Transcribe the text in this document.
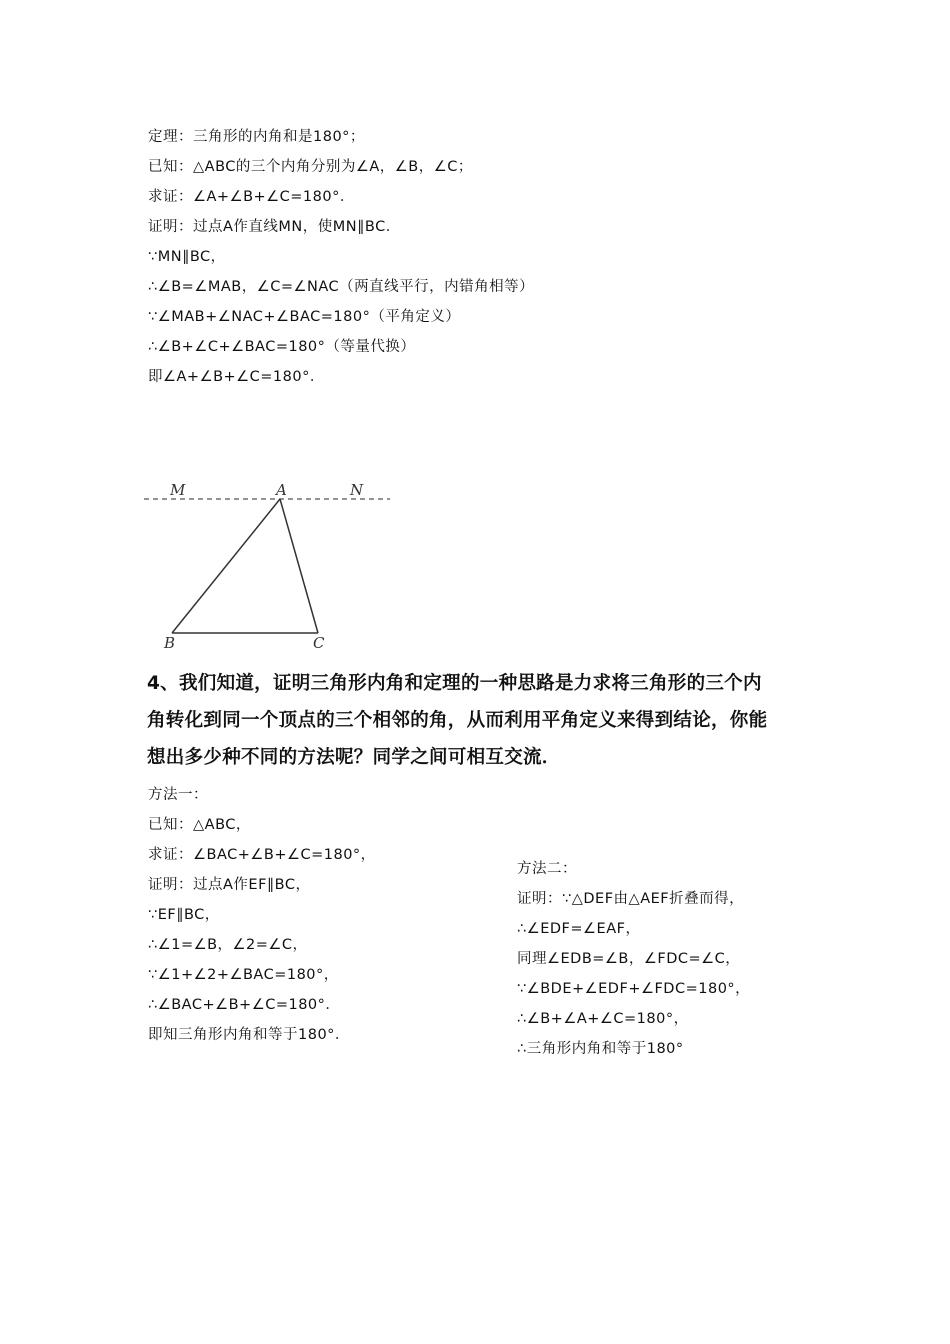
定理：三角形的内角和是180°；
已知：△ABC的三个内角分别为∠A，∠B，∠C；
求证：∠A+∠B+∠C=180°．
证明：过点A作直线MN，使MN∥BC．
∵MN∥BC，
∴∠B=∠MAB，∠C=∠NAC（两直线平行，内错角相等）
∵∠MAB+∠NAC+∠BAC=180°（平角定义）
∴∠B+∠C+∠BAC=180°（等量代换）
即∠A+∠B+∠C=180°．
M	A	N
B	C
4、我们知道，证明三角形内角和定理的一种思路是力求将三角形的三个内
角转化到同一个顶点的三个相邻的角，从而利用平角定义来得到结论，你能
想出多少种不同的方法呢？同学之间可相互交流．
方法一：
已知：△ABC，
求证：∠BAC+∠B+∠C=180°，
证明：过点A作EF∥BC，
∵EF∥BC，
∴∠1=∠B，∠2=∠C，
∵∠1+∠2+∠BAC=180°，
∴∠BAC+∠B+∠C=180°．
即知三角形内角和等于180°．
方法二：
证明：∵△DEF由△AEF折叠而得，
∴∠EDF=∠EAF，
同理∠EDB=∠B，∠FDC=∠C，
∵∠BDE+∠EDF+∠FDC=180°，
∴∠B+∠A+∠C=180°，
∴三角形内角和等于180°
